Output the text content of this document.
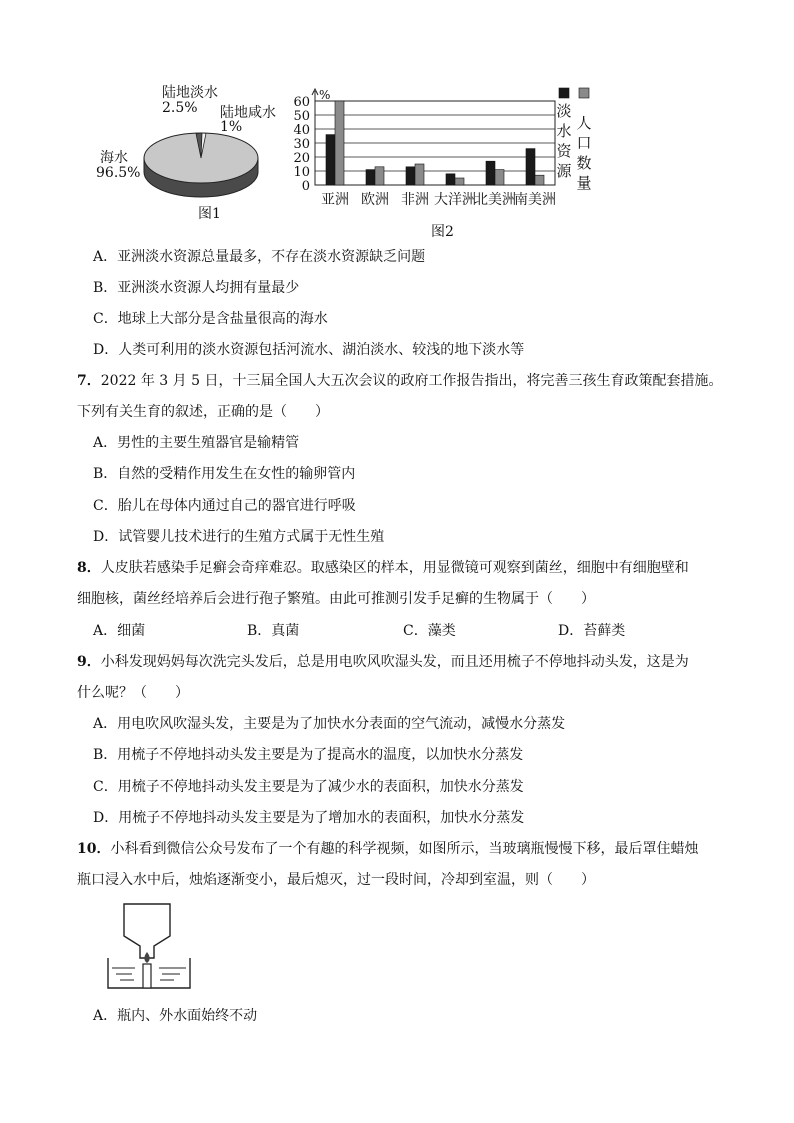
陆地淡水
2.5% 陆地咸水
1%
海水
96.5%
图1
%
0
10
20
30
40
50
60
亚洲 欧洲 非洲 大洋洲
北美洲
南美洲
淡
水
资
源
人
口
数
量
图2
A．亚洲淡水资源总量最多，不存在淡水资源缺乏问题
B．亚洲淡水资源人均拥有量最少
C．地球上大部分是含盐量很高的海水
D．人类可利用的淡水资源包括河流水、湖泊淡水、较浅的地下淡水等
7．2022 年 3 月 5 日，十三届全国人大五次会议的政府工作报告指出，将完善三孩生育政策配套措施。
下列有关生育的叙述，正确的是（　　）
A．男性的主要生殖器官是输精管
B．自然的受精作用发生在女性的输卵管内
C．胎儿在母体内通过自己的器官进行呼吸
D．试管婴儿技术进行的生殖方式属于无性生殖
8．人皮肤若感染手足癣会奇痒难忍。取感染区的样本，用显微镜可观察到菌丝，细胞中有细胞壁和
细胞核，菌丝经培养后会进行孢子繁殖。由此可推测引发手足癣的生物属于（　　）
A．细菌	B．真菌	C．藻类	D．苔藓类
9．小科发现妈妈每次洗完头发后，总是用电吹风吹湿头发，而且还用梳子不停地抖动头发，这是为
什么呢？（　　）
A．用电吹风吹湿头发，主要是为了加快水分表面的空气流动，减慢水分蒸发
B．用梳子不停地抖动头发主要是为了提高水的温度，以加快水分蒸发
C．用梳子不停地抖动头发主要是为了减少水的表面积，加快水分蒸发
D．用梳子不停地抖动头发主要是为了增加水的表面积，加快水分蒸发
10．小科看到微信公众号发布了一个有趣的科学视频，如图所示，当玻璃瓶慢慢下移，最后罩住蜡烛
瓶口浸入水中后，烛焰逐渐变小，最后熄灭，过一段时间，冷却到室温，则（　　）
A．瓶内、外水面始终不动
